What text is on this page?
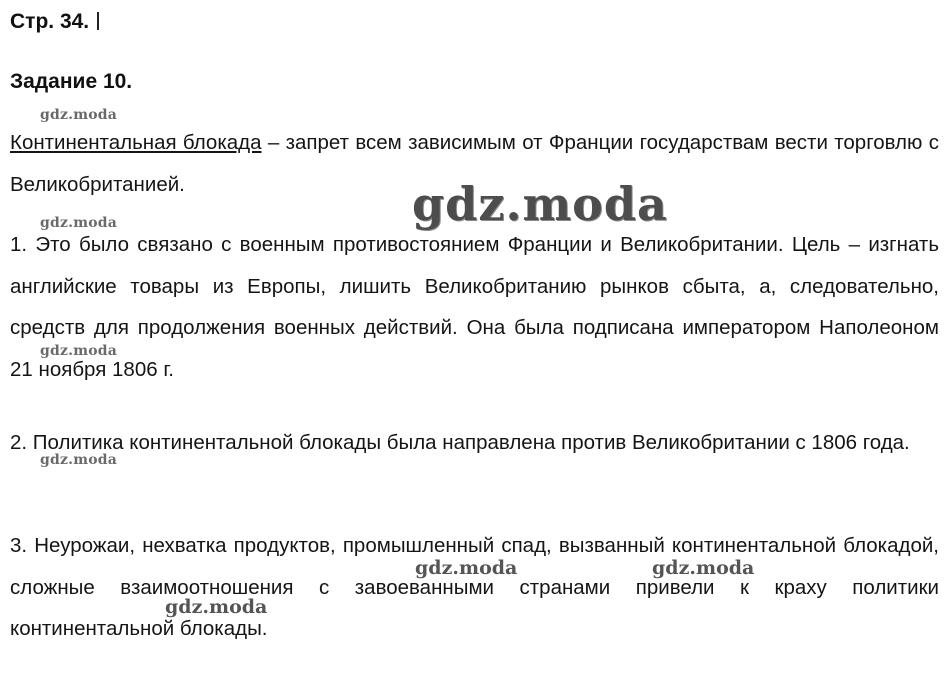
Стр. 34.
Задание 10.
Континентальная блокада – запрет всем зависимым от Франции государствам вести торговлю с Великобританией.
1. Это было связано с военным противостоянием Франции и Великобритании. Цель – изгнать английские товары из Европы, лишить Великобританию рынков сбыта, а, следовательно, средств для продолжения военных действий. Она была подписана императором Наполеоном 21 ноября 1806 г.
2. Политика континентальной блокады была направлена против Великобритании с 1806 года.
3. Неурожаи, нехватка продуктов, промышленный спад, вызванный континентальной блокадой, сложные взаимоотношения с завоеванными странами привели к краху политики континентальной блокады.
gdz.moda
gdz.moda
gdz.moda
gdz.moda
gdz.moda
gdz.moda	gdz.moda
gdz.moda
